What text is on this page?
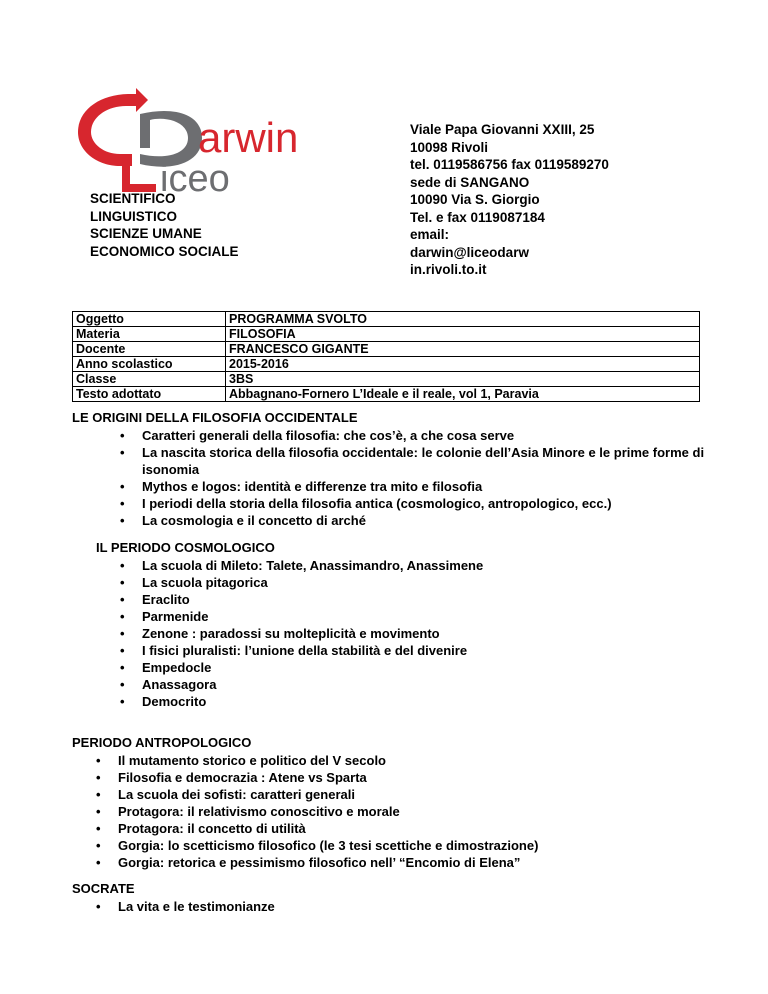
arwin
iceo
SCIENTIFICO
LINGUISTICO
SCIENZE UMANE
ECONOMICO SOCIALE
Viale Papa Giovanni XXIII, 25
10098 Rivoli
tel. 0119586756 fax 0119589270
sede di SANGANO
10090 Via S. Giorgio
Tel. e fax 0119087184
email:
darwin@liceodarw
in.rivoli.to.it
Oggetto	PROGRAMMA SVOLTO
Materia	FILOSOFIA
Docente	FRANCESCO GIGANTE
Anno scolastico	2015-2016
Classe	3BS
Testo adottato	Abbagnano-Fornero L’Ideale e il reale, vol 1, Paravia
LE ORIGINI DELLA FILOSOFIA OCCIDENTALE
• Caratteri generali della filosofia: che cos’è, a che cosa serve
• La nascita storica della filosofia occidentale: le colonie dell’Asia Minore e le prime forme di isonomia
• Mythos e logos: identità e differenze tra mito e filosofia
• I periodi della storia della filosofia antica (cosmologico, antropologico, ecc.)
• La cosmologia e il concetto di arché
IL PERIODO COSMOLOGICO
• La scuola di Mileto: Talete, Anassimandro, Anassimene
• La scuola pitagorica
• Eraclito
• Parmenide
• Zenone : paradossi su molteplicità e movimento
• I fisici pluralisti: l’unione della stabilità e del divenire
• Empedocle
• Anassagora
• Democrito
PERIODO ANTROPOLOGICO
• Il mutamento storico e politico del V secolo
• Filosofia e democrazia : Atene vs Sparta
• La scuola dei sofisti: caratteri generali
• Protagora: il relativismo conoscitivo e morale
• Protagora: il concetto di utilità
• Gorgia: lo scetticismo filosofico (le 3 tesi scettiche e dimostrazione)
• Gorgia: retorica e pessimismo filosofico nell’ “Encomio di Elena”
SOCRATE
• La vita e le testimonianze
